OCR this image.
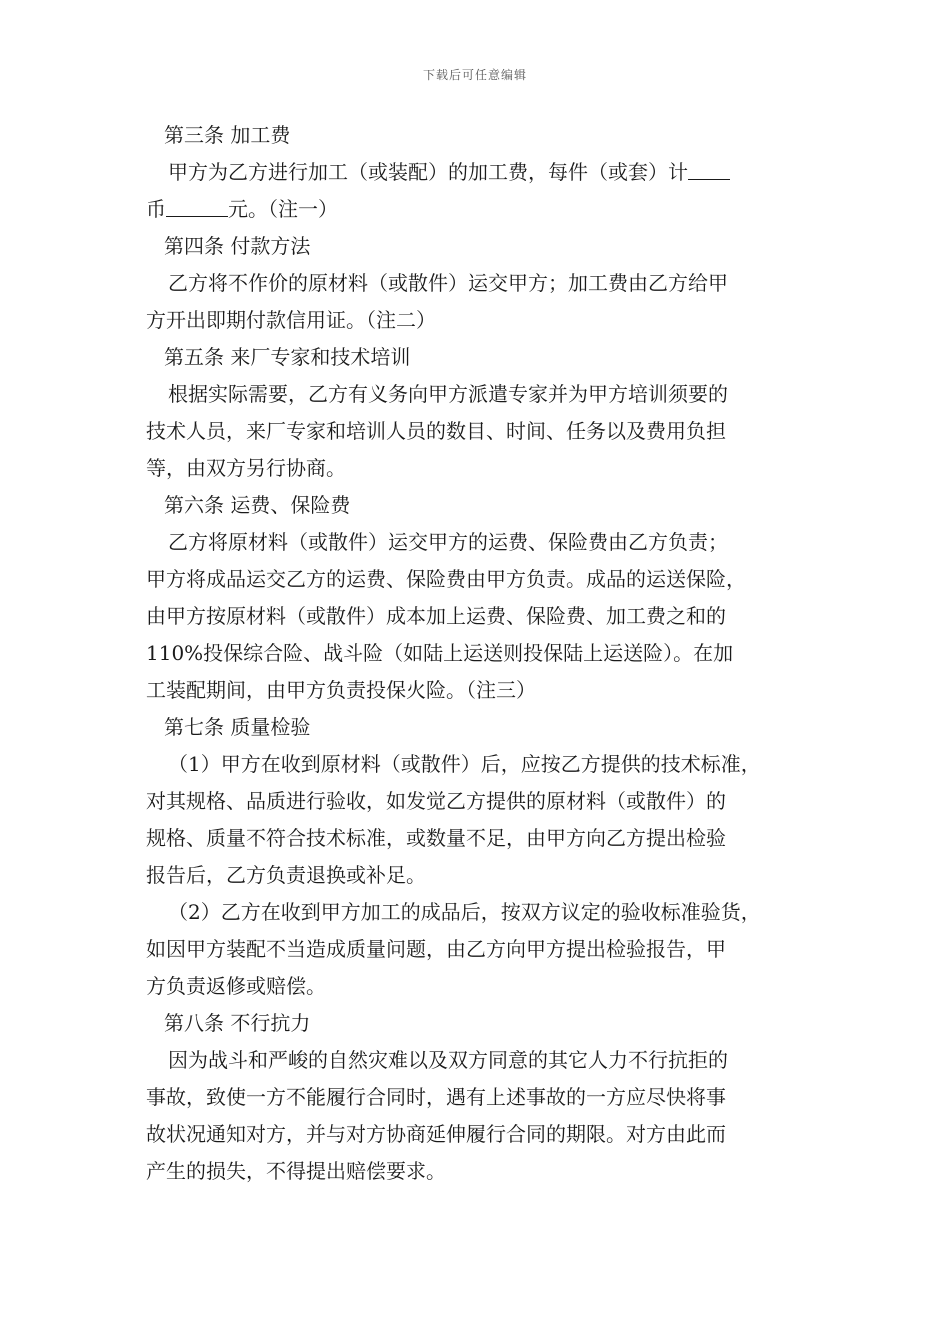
下载后可任意编辑
第三条 加工费
甲方为乙方进行加工（或装配）的加工费，每件（或套）计
币	元。（注一）
第四条 付款方法
乙方将不作价的原材料（或散件）运交甲方；加工费由乙方给甲
方开出即期付款信用证。（注二）
第五条 来厂专家和技术培训
根据实际需要，乙方有义务向甲方派遣专家并为甲方培训须要的
技术人员，来厂专家和培训人员的数目、时间、任务以及费用负担
等，由双方另行协商。
第六条 运费、保险费
乙方将原材料（或散件）运交甲方的运费、保险费由乙方负责；
甲方将成品运交乙方的运费、保险费由甲方负责。成品的运送保险，
由甲方按原材料（或散件）成本加上运费、保险费、加工费之和的
110%投保综合险、战斗险（如陆上运送则投保陆上运送险）。在加
工装配期间，由甲方负责投保火险。（注三）
第七条 质量检验
（1）甲方在收到原材料（或散件）后，应按乙方提供的技术标准，
对其规格、品质进行验收，如发觉乙方提供的原材料（或散件）的
规格、质量不符合技术标准，或数量不足，由甲方向乙方提出检验
报告后，乙方负责退换或补足。
（2）乙方在收到甲方加工的成品后，按双方议定的验收标准验货，
如因甲方装配不当造成质量问题，由乙方向甲方提出检验报告，甲
方负责返修或赔偿。
第八条 不行抗力
因为战斗和严峻的自然灾难以及双方同意的其它人力不行抗拒的
事故，致使一方不能履行合同时，遇有上述事故的一方应尽快将事
故状况通知对方，并与对方协商延伸履行合同的期限。对方由此而
产生的损失，不得提出赔偿要求。
